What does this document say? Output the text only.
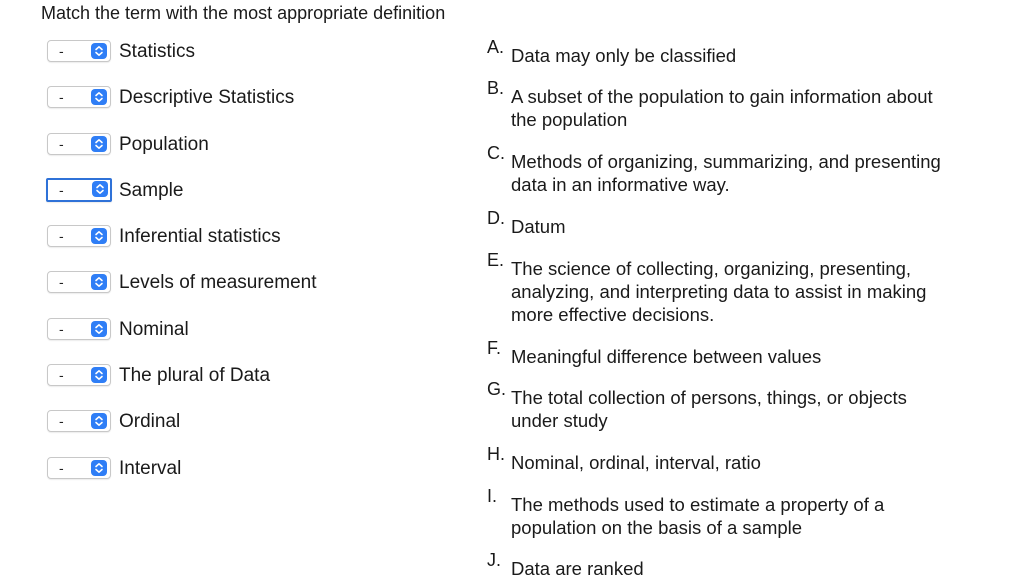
Match the term with the most appropriate definition
-	Statistics
-	Descriptive Statistics
-	Population
-	Sample
-	Inferential statistics
-	Levels of measurement
-	Nominal
-	The plural of Data
-	Ordinal
-	Interval
A. Data may only be classified
B. A subset of the population to gain information about the population
C. Methods of organizing, summarizing, and presenting data in an informative way.
D. Datum
E. The science of collecting, organizing, presenting, analyzing, and interpreting data to assist in making more effective decisions.
F. Meaningful difference between values
G. The total collection of persons, things, or objects under study
H. Nominal, ordinal, interval, ratio
I. The methods used to estimate a property of a population on the basis of a sample
J. Data are ranked
